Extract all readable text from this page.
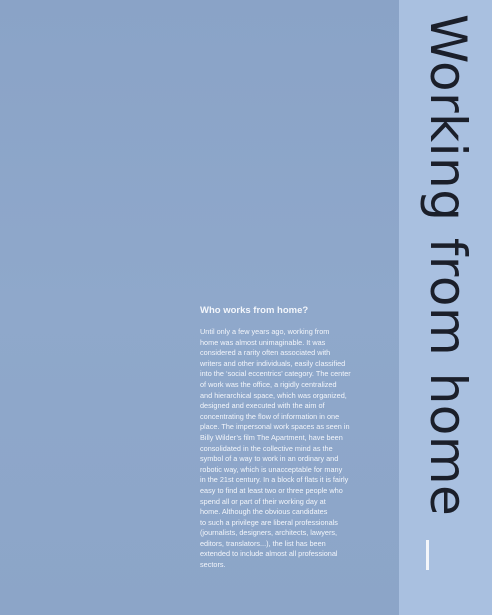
Working from home
Who works from home?

Until only a few years ago, working from
home was almost unimaginable. It was
considered a rarity often associated with
writers and other individuals, easily classified
into the ‘social eccentrics’ category. The center
of work was the office, a rigidly centralized
and hierarchical space, which was organized,
designed and executed with the aim of
concentrating the flow of information in one
place. The impersonal work spaces as seen in
Billy Wilder’s film The Apartment, have been
consolidated in the collective mind as the
symbol of a way to work in an ordinary and
robotic way, which is unacceptable for many
in the 21st century. In a block of flats it is fairly
easy to find at least two or three people who
spend all or part of their working day at
home. Although the obvious candidates
to such a privilege are liberal professionals
(journalists, designers, architects, lawyers,
editors, translators...), the list has been
extended to include almost all professional
sectors.
